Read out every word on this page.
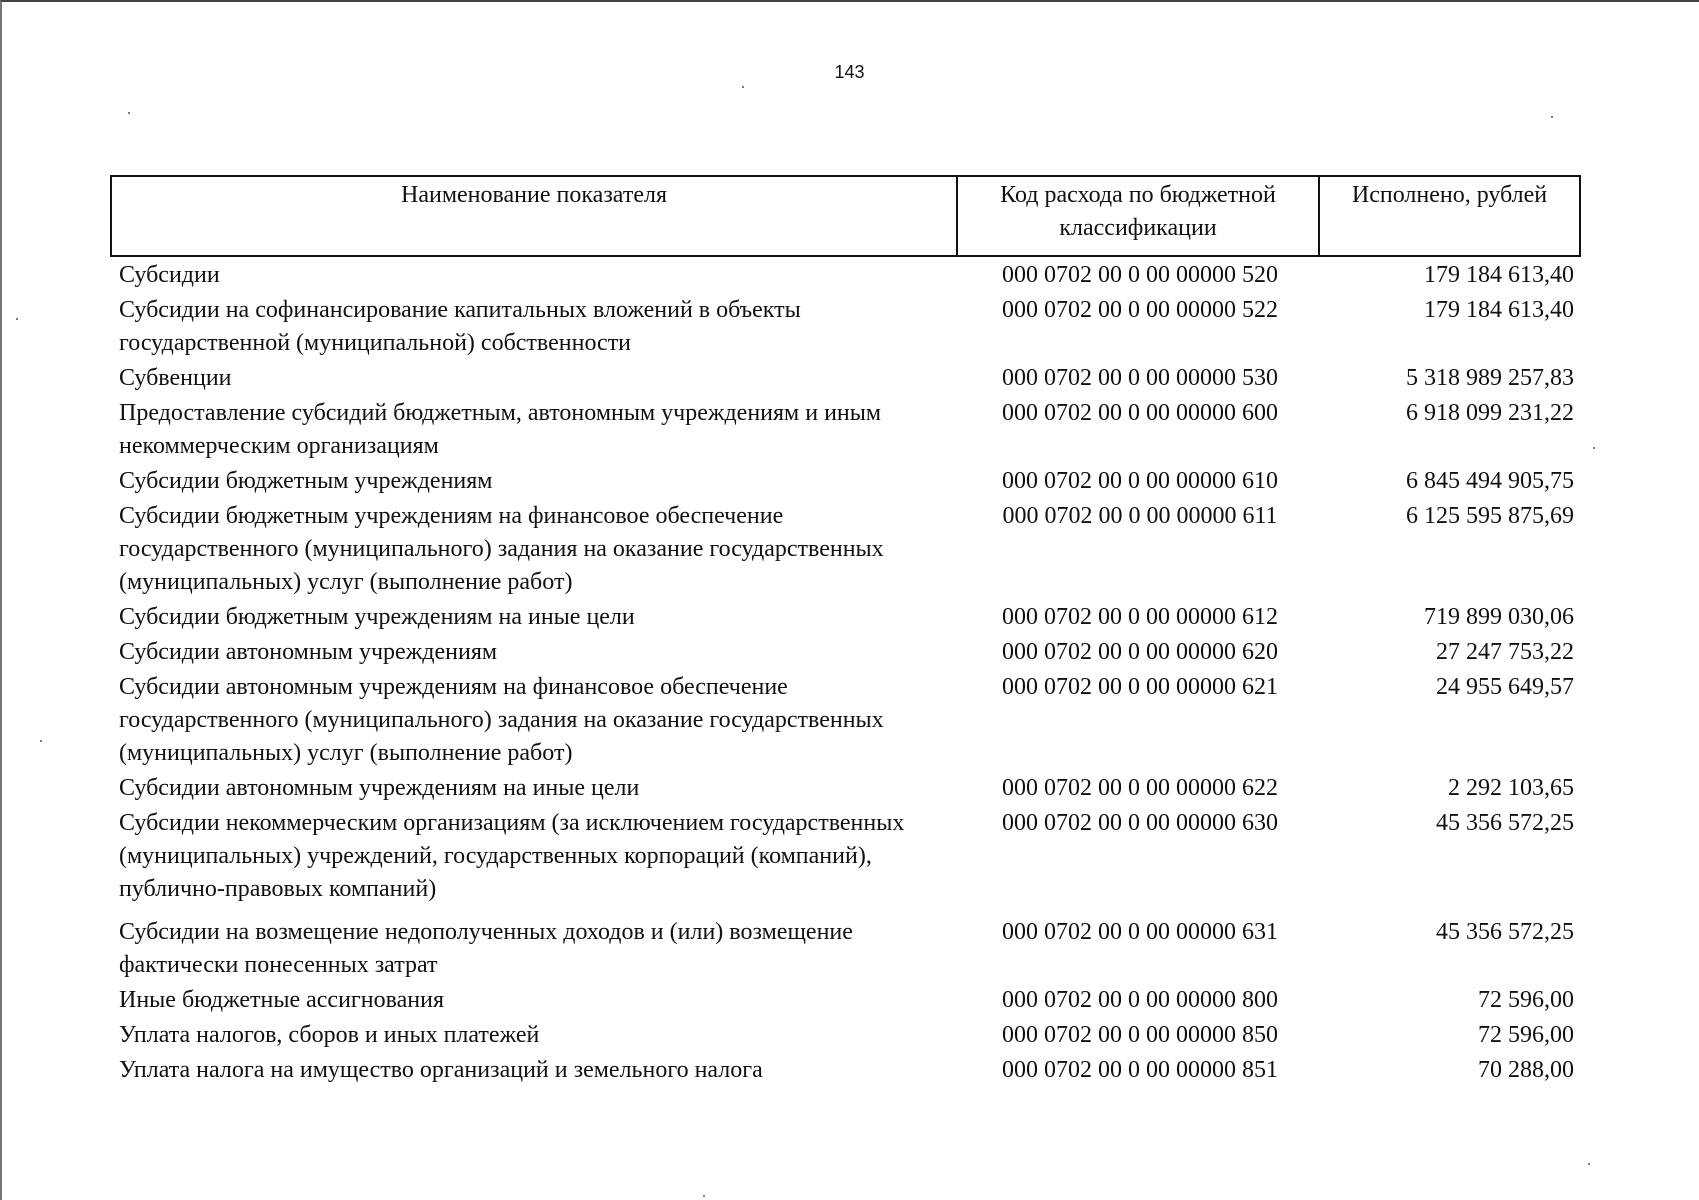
143
Наименование показателя	Код расхода по бюджетной классификации	Исполнено, рублей
Субсидии	000 0702 00 0 00 00000 520	179 184 613,40
Субсидии на софинансирование капитальных вложений в объекты государственной (муниципальной) собственности	000 0702 00 0 00 00000 522	179 184 613,40
Субвенции	000 0702 00 0 00 00000 530	5 318 989 257,83
Предоставление субсидий бюджетным, автономным учреждениям и иным некоммерческим организациям	000 0702 00 0 00 00000 600	6 918 099 231,22
Субсидии бюджетным учреждениям	000 0702 00 0 00 00000 610	6 845 494 905,75
Субсидии бюджетным учреждениям на финансовое обеспечение государственного (муниципального) задания на оказание государственных (муниципальных) услуг (выполнение работ)	000 0702 00 0 00 00000 611	6 125 595 875,69
Субсидии бюджетным учреждениям на иные цели	000 0702 00 0 00 00000 612	719 899 030,06
Субсидии автономным учреждениям	000 0702 00 0 00 00000 620	27 247 753,22
Субсидии автономным учреждениям на финансовое обеспечение государственного (муниципального) задания на оказание государственных (муниципальных) услуг (выполнение работ)	000 0702 00 0 00 00000 621	24 955 649,57
Субсидии автономным учреждениям на иные цели	000 0702 00 0 00 00000 622	2 292 103,65
Субсидии некоммерческим организациям (за исключением государственных (муниципальных) учреждений, государственных корпораций (компаний), публично-правовых компаний)	000 0702 00 0 00 00000 630	45 356 572,25
Субсидии на возмещение недополученных доходов и (или) возмещение фактически понесенных затрат	000 0702 00 0 00 00000 631	45 356 572,25
Иные бюджетные ассигнования	000 0702 00 0 00 00000 800	72 596,00
Уплата налогов, сборов и иных платежей	000 0702 00 0 00 00000 850	72 596,00
Уплата налога на имущество организаций и земельного налога	000 0702 00 0 00 00000 851	70 288,00
